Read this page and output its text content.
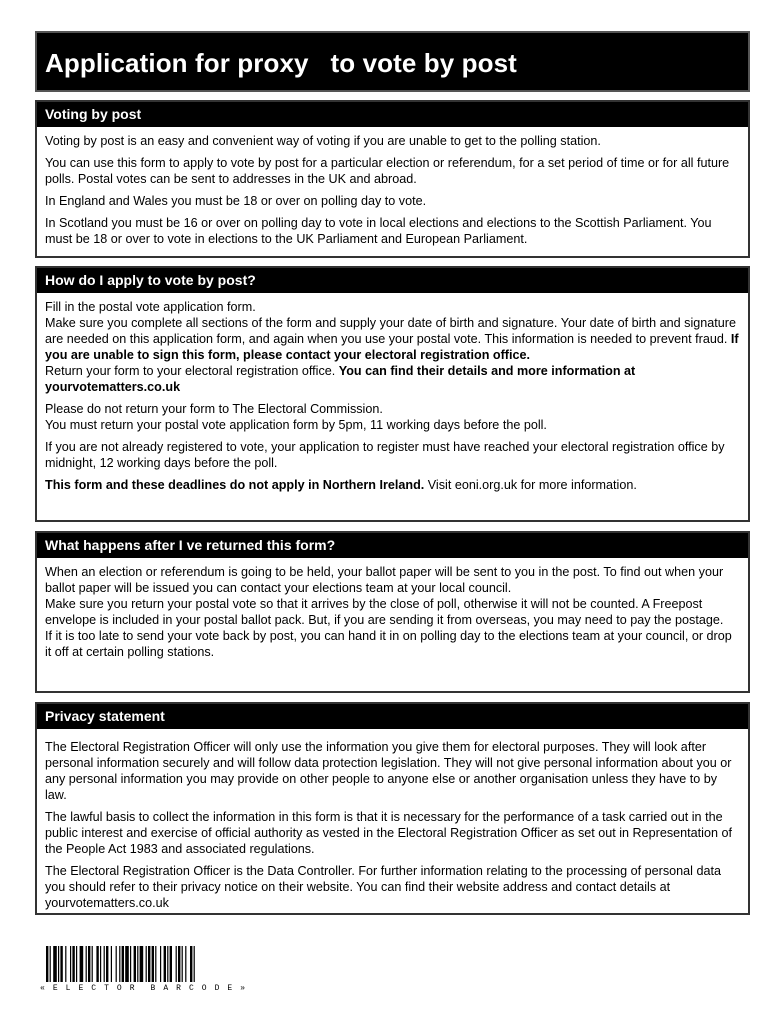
Application for proxy   to vote by post
Voting by post

Voting by post is an easy and convenient way of voting if you are unable to get to the polling station.

You can use this form to apply to vote by post for a particular election or referendum, for a set period of time or for all future polls. Postal votes can be sent to addresses in the UK and abroad.

In England and Wales you must be 18 or over on polling day to vote.

In Scotland you must be 16 or over on polling day to vote in local elections and elections to the Scottish Parliament. You must be 18 or over to vote in elections to the UK Parliament and European Parliament.

How do I apply to vote by post?

Fill in the postal vote application form.
Make sure you complete all sections of the form and supply your date of birth and signature. Your date of birth and signature are needed on this application form, and again when you use your postal vote. This information is needed to prevent fraud. If you are unable to sign this form, please contact your electoral registration office.
Return your form to your electoral registration office. You can find their details and more information at yourvotematters.co.uk

Please do not return your form to The Electoral Commission.
You must return your postal vote application form by 5pm, 11 working days before the poll.

If you are not already registered to vote, your application to register must have reached your electoral registration office by midnight, 12 working days before the poll.

This form and these deadlines do not apply in Northern Ireland. Visit eoni.org.uk for more information.

What happens after I ve returned this form?

When an election or referendum is going to be held, your ballot paper will be sent to you in the post. To find out when your ballot paper will be issued you can contact your elections team at your local council.
Make sure you return your postal vote so that it arrives by the close of poll, otherwise it will not be counted. A Freepost envelope is included in your postal ballot pack. But, if you are sending it from overseas, you may need to pay the postage.
If it is too late to send your vote back by post, you can hand it in on polling day to the elections team at your council, or drop it off at certain polling stations.

Privacy statement

The Electoral Registration Officer will only use the information you give them for electoral purposes. They will look after personal information securely and will follow data protection legislation. They will not give personal information about you or any personal information you may provide on other people to anyone else or another organisation unless they have to by law.

The lawful basis to collect the information in this form is that it is necessary for the performance of a task carried out in the public interest and exercise of official authority as vested in the Electoral Registration Officer as set out in Representation of the People Act 1983 and associated regulations.

The Electoral Registration Officer is the Data Controller. For further information relating to the processing of personal data you should refer to their privacy notice on their website. You can find their website address and contact details at yourvotematters.co.uk

« E L E C T O R B A R C O D E »
